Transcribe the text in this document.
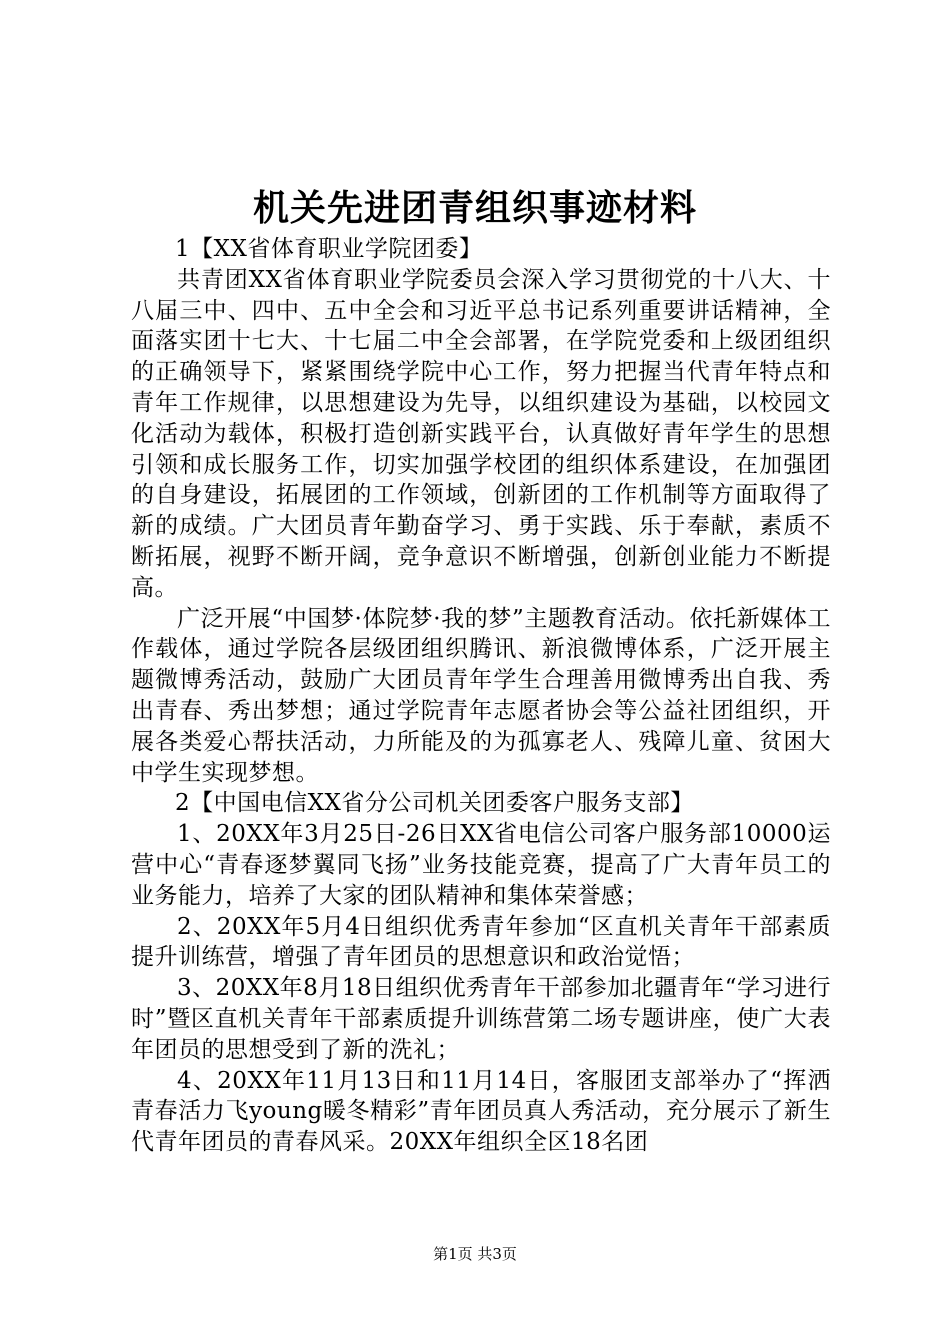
机关先进团青组织事迹材料

1【XX省体育职业学院团委】

共青团XX省体育职业学院委员会深入学习贯彻党的十八大、十八届三中、四中、五中全会和习近平总书记系列重要讲话精神，全面落实团十七大、十七届二中全会部署，在学院党委和上级团组织的正确领导下，紧紧围绕学院中心工作，努力把握当代青年特点和青年工作规律，以思想建设为先导，以组织建设为基础，以校园文化活动为载体，积极打造创新实践平台，认真做好青年学生的思想引领和成长服务工作，切实加强学校团的组织体系建设，在加强团的自身建设，拓展团的工作领域，创新团的工作机制等方面取得了新的成绩。广大团员青年勤奋学习、勇于实践、乐于奉献，素质不断拓展，视野不断开阔，竞争意识不断增强，创新创业能力不断提高。

广泛开展“中国梦·体院梦·我的梦”主题教育活动。依托新媒体工作载体，通过学院各层级团组织腾讯、新浪微博体系，广泛开展主题微博秀活动，鼓励广大团员青年学生合理善用微博秀出自我、秀出青春、秀出梦想；通过学院青年志愿者协会等公益社团组织，开展各类爱心帮扶活动，力所能及的为孤寡老人、残障儿童、贫困大中学生实现梦想。

2【中国电信XX省分公司机关团委客户服务支部】

1、20XX年3月25日-26日XX省电信公司客户服务部10000运营中心“青春逐梦翼同飞扬”业务技能竞赛，提高了广大青年员工的业务能力，培养了大家的团队精神和集体荣誉感；

2、20XX年5月4日组织优秀青年参加“区直机关青年干部素质提升训练营，增强了青年团员的思想意识和政治觉悟；

3、20XX年8月18日组织优秀青年干部参加北疆青年“学习进行时”暨区直机关青年干部素质提升训练营第二场专题讲座，使广大表年团员的思想受到了新的洗礼；

4、20XX年11月13日和11月14日，客服团支部举办了“挥洒青春活力飞young暖冬精彩”青年团员真人秀活动，充分展示了新生代青年团员的青春风采。20XX年组织全区18名团

第1页 共3页
